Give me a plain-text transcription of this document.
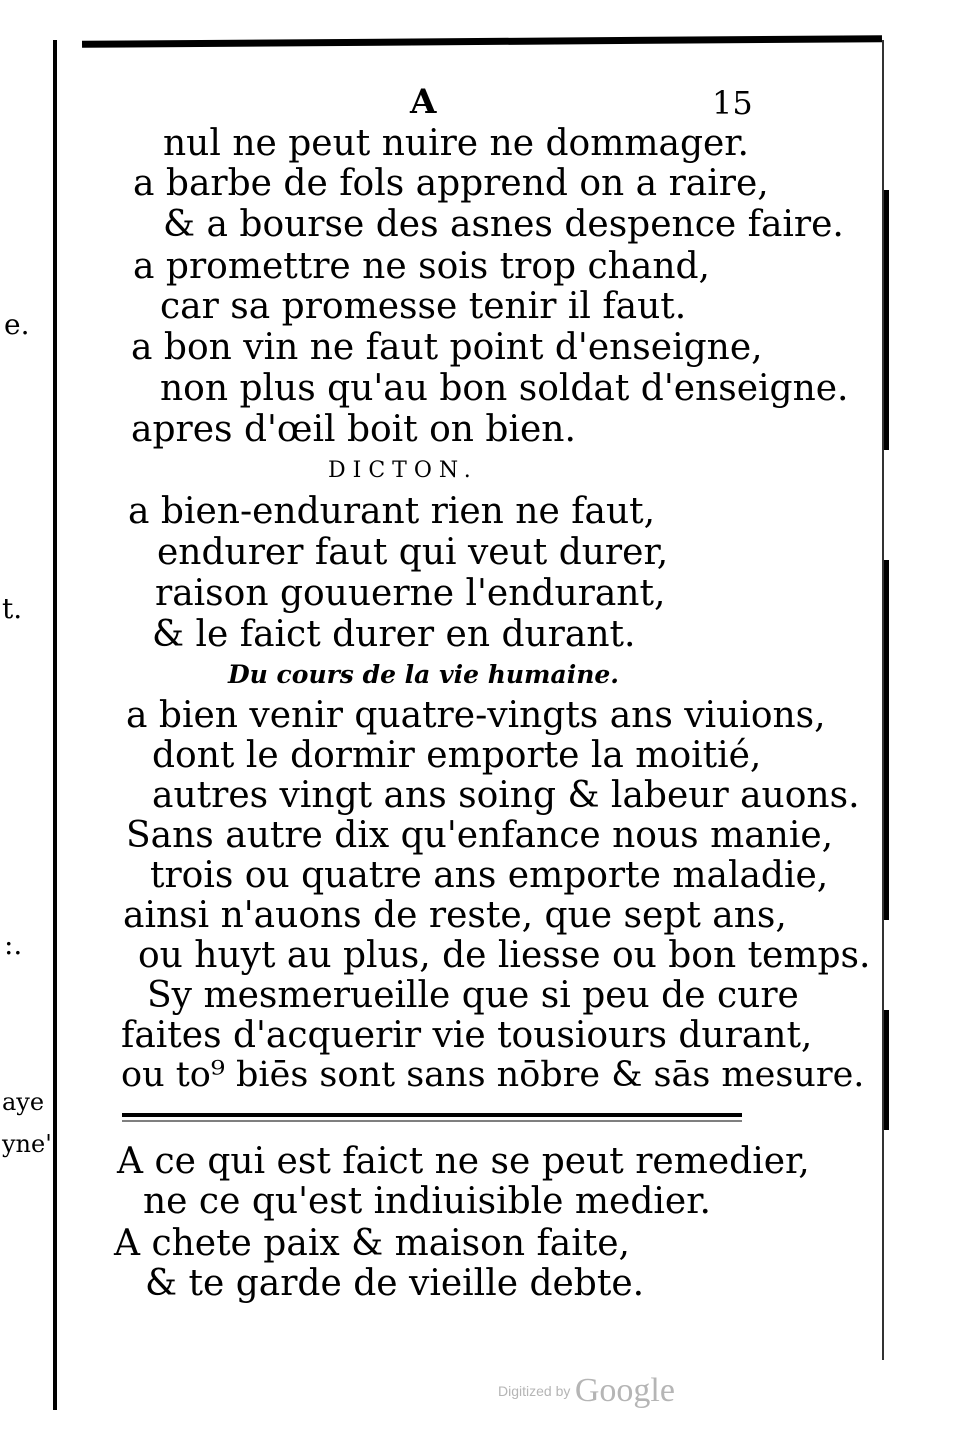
e.
t.
:.
aye
yne'
A	15
nul ne peut nuire ne dommager.
a barbe de fols apprend on a raire,
& a bourse des asnes despence faire.
a promettre ne sois trop chand,
car sa promesse tenir il faut.
a bon vin ne faut point d'enseigne,
non plus qu'au bon soldat d'enseigne.
apres d'œil boit on bien.
DICTON.
a bien-endurant rien ne faut,
endurer faut qui veut durer,
raison gouuerne l'endurant,
& le faict durer en durant.
Du cours de la vie humaine.
a bien venir quatre-vingts ans viuions,
dont le dormir emporte la moitié,
autres vingt ans soing & labeur auons.
Sans autre dix qu'enfance nous manie,
trois ou quatre ans emporte maladie,
ainsi n'auons de reste, que sept ans,
ou huyt au plus, de liesse ou bon temps.
Sy mesmerueille que si peu de cure
faites d'acquerir vie tousiours durant,
ou to⁹ biēs sont sans nōbre & sās mesure.
A ce qui est faict ne se peut remedier,
ne ce qu'est indiuisible medier.
A chete paix & maison faite,
& te garde de vieille debte.
Digitized by Google
